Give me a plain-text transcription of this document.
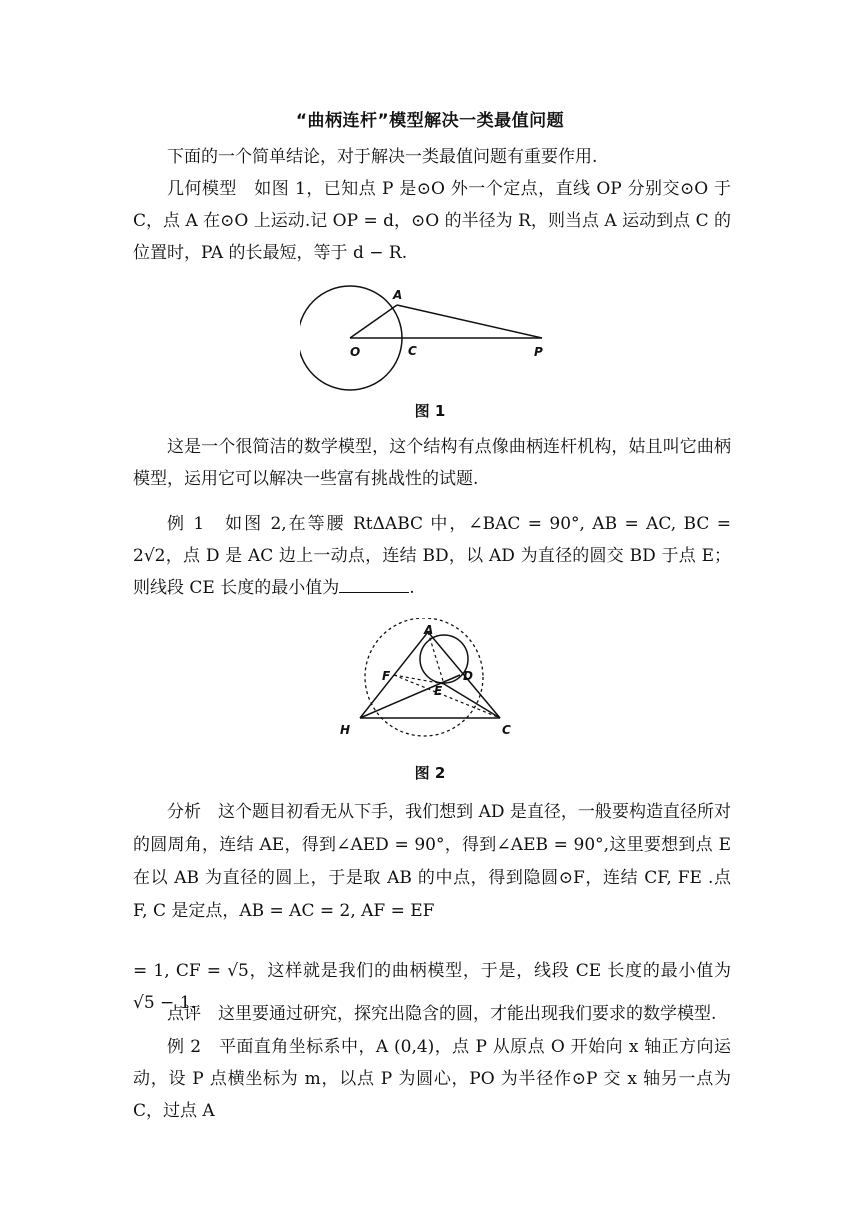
“曲柄连杆”模型解决一类最值问题

下面的一个简单结论，对于解决一类最值问题有重要作用.

几何模型　如图 1，已知点 P 是⊙O 外一个定点，直线 OP 分别交⊙O 于 C，点 A 在⊙O 上运动.记 OP = d，⊙O 的半径为 R，则当点 A 运动到点 C 的位置时，PA 的长最短，等于 d − R.

A
O	C	P
图 1

这是一个很简洁的数学模型，这个结构有点像曲柄连杆机构，姑且叫它曲柄模型，运用它可以解决一些富有挑战性的试题.

例 1　如图 2,在等腰 RtΔABC 中，∠BAC = 90°, AB = AC, BC = 2√2，点 D 是 AC 边上一动点，连结 BD，以 AD 为直径的圆交 BD 于点 E；则线段 CE 长度的最小值为	.

A
D
F
E
H	C
图 2

分析　这个题目初看无从下手，我们想到 AD 是直径，一般要构造直径所对的圆周角，连结 AE，得到∠AED = 90°，得到∠AEB = 90°,这里要想到点 E 在以 AB 为直径的圆上，于是取 AB 的中点，得到隐圆⊙F，连结 CF, FE .点 F, C 是定点，AB = AC = 2, AF = EF

= 1, CF = √5，这样就是我们的曲柄模型，于是，线段 CE 长度的最小值为 √5 − 1.

点评　这里要通过研究，探究出隐含的圆，才能出现我们要求的数学模型.

例 2　平面直角坐标系中，A (0,4)，点 P 从原点 O 开始向 x 轴正方向运动，设 P 点横坐标为 m，以点 P 为圆心，PO 为半径作⊙P 交 x 轴另一点为 C，过点 A
